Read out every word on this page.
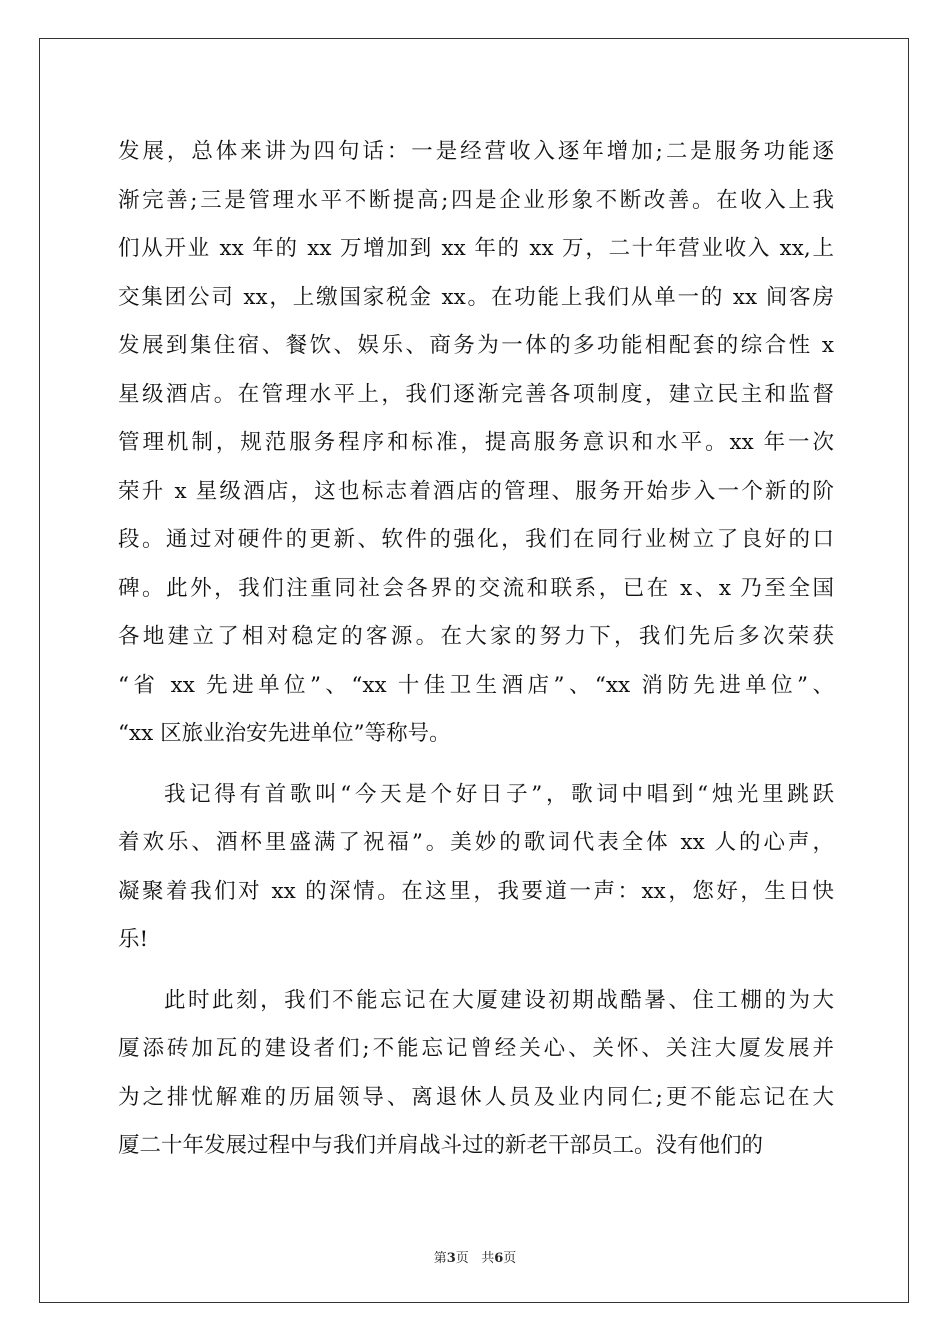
发展，总体来讲为四句话：一是经营收入逐年增加;二是服务功能逐
渐完善;三是管理水平不断提高;四是企业形象不断改善。在收入上我
们从开业 xx 年的 xx 万增加到 xx 年的 xx 万，二十年营业收入 xx,上
交集团公司 xx，上缴国家税金 xx。在功能上我们从单一的 xx 间客房
发展到集住宿、餐饮、娱乐、商务为一体的多功能相配套的综合性 x
星级酒店。在管理水平上，我们逐渐完善各项制度，建立民主和监督
管理机制，规范服务程序和标准，提高服务意识和水平。xx 年一次
荣升 x 星级酒店，这也标志着酒店的管理、服务开始步入一个新的阶
段。通过对硬件的更新、软件的强化，我们在同行业树立了良好的口
碑。此外，我们注重同社会各界的交流和联系，已在 x、x 乃至全国
各地建立了相对稳定的客源。在大家的努力下，我们先后多次荣获
“省 xx 先进单位”、“xx 十佳卫生酒店”、“xx 消防先进单位”、
“xx 区旅业治安先进单位”等称号。
我记得有首歌叫“今天是个好日子”，歌词中唱到“烛光里跳跃
着欢乐、酒杯里盛满了祝福”。美妙的歌词代表全体 xx 人的心声，
凝聚着我们对 xx 的深情。在这里，我要道一声：xx，您好，生日快
乐!
此时此刻，我们不能忘记在大厦建设初期战酷暑、住工棚的为大
厦添砖加瓦的建设者们;不能忘记曾经关心、关怀、关注大厦发展并
为之排忧解难的历届领导、离退休人员及业内同仁;更不能忘记在大
厦二十年发展过程中与我们并肩战斗过的新老干部员工。没有他们的
第3页 共6页
